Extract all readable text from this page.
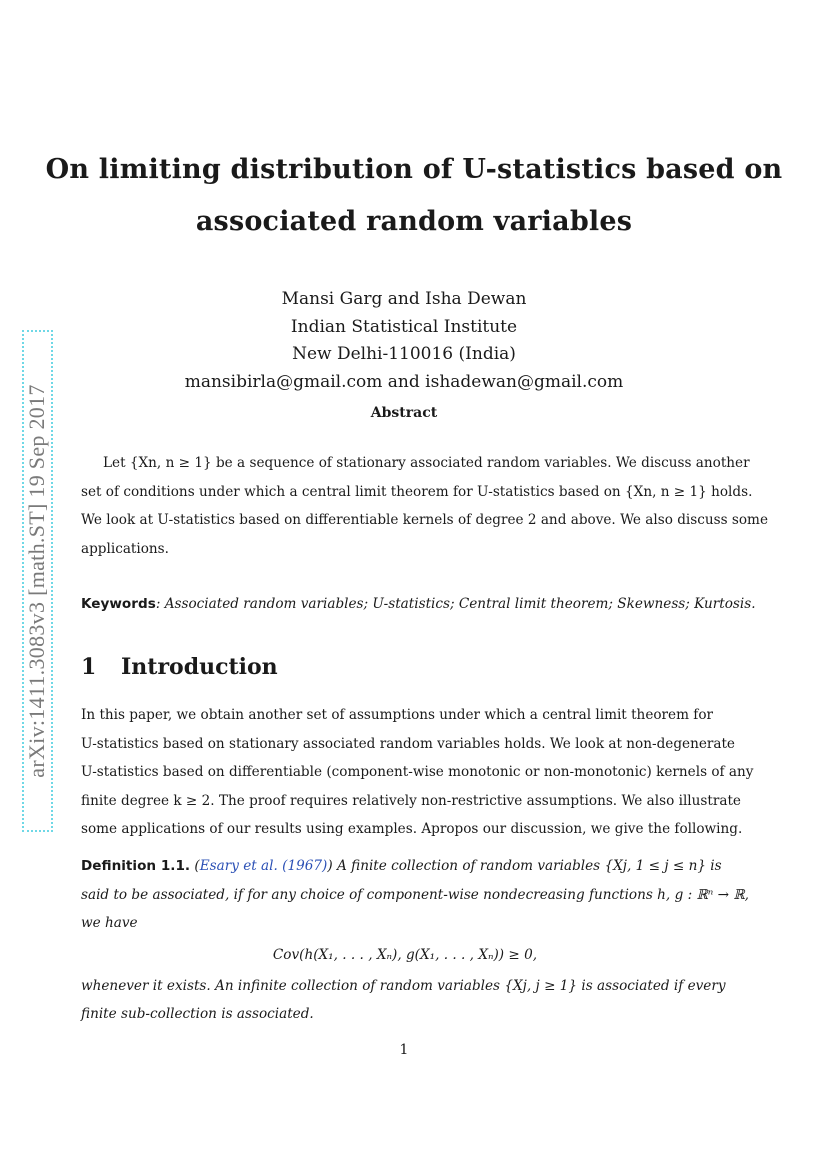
arXiv:1411.3083v3 [math.ST] 19 Sep 2017
On limiting distribution of U-statistics based on
associated random variables
Mansi Garg and Isha Dewan
Indian Statistical Institute
New Delhi-110016 (India)
mansibirla@gmail.com and ishadewan@gmail.com
Abstract
Let {Xn, n ≥ 1} be a sequence of stationary associated random variables. We discuss another
set of conditions under which a central limit theorem for U-statistics based on {Xn, n ≥ 1} holds.
We look at U-statistics based on differentiable kernels of degree 2 and above. We also discuss some
applications.
Keywords: Associated random variables; U-statistics; Central limit theorem; Skewness; Kurtosis.
1 Introduction
In this paper, we obtain another set of assumptions under which a central limit theorem for
U-statistics based on stationary associated random variables holds. We look at non-degenerate
U-statistics based on differentiable (component-wise monotonic or non-monotonic) kernels of any
finite degree k ≥ 2. The proof requires relatively non-restrictive assumptions. We also illustrate
some applications of our results using examples. Apropos our discussion, we give the following.
Definition 1.1. (Esary et al. (1967)) A finite collection of random variables {Xj, 1 ≤ j ≤ n} is
said to be associated, if for any choice of component-wise nondecreasing functions h, g : ℝⁿ → ℝ,
we have
Cov(h(X₁, . . . , Xₙ), g(X₁, . . . , Xₙ)) ≥ 0,
whenever it exists. An infinite collection of random variables {Xj, j ≥ 1} is associated if every
finite sub-collection is associated.
1
